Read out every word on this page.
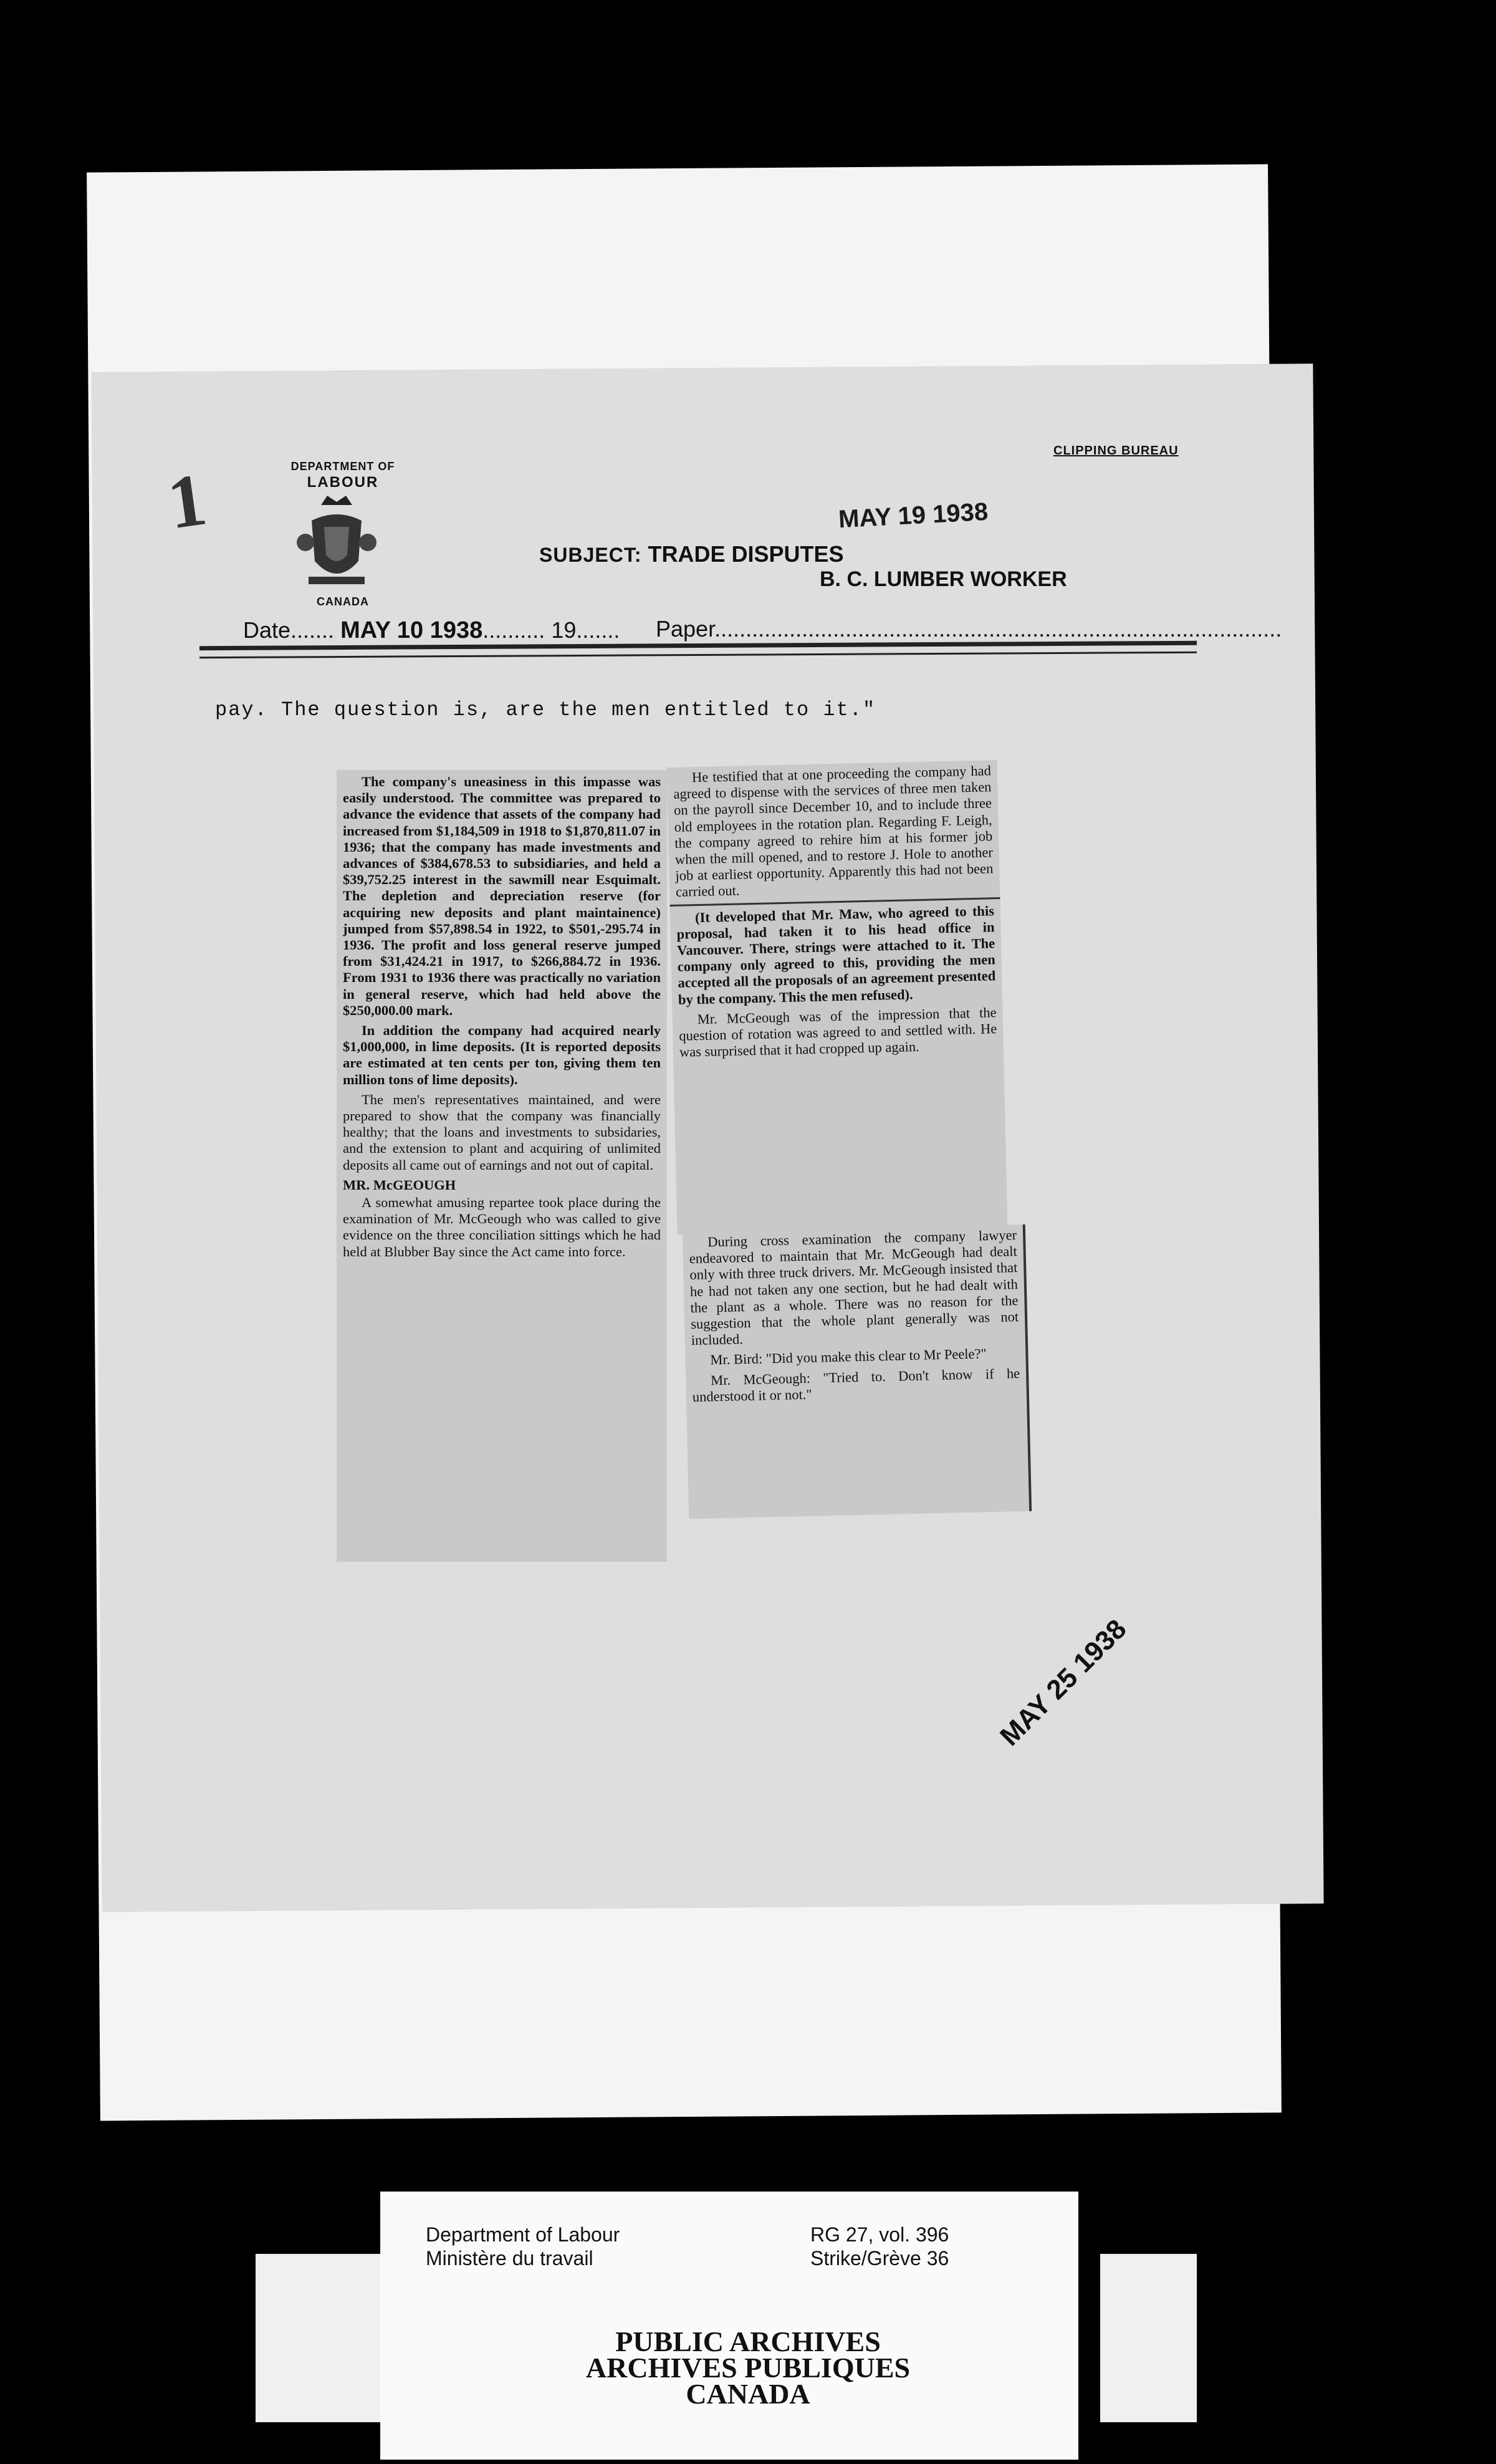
1	DEPARTMENT OF
LABOUR
CANADA
CLIPPING BUREAU
MAY 19 1938
SUBJECT: TRADE DISPUTES
B. C. LUMBER WORKER
Date....... MAY 10 1938.......... 19....... Paper...........................................................................................
pay. The question is, are the men entitled to it."

The company's uneasiness in this impasse was easily understood. The committee was prepared to advance the evidence that assets of the company had increased from $1,184,509 in 1918 to $1,870,811.07 in 1936; that the company has made investments and advances of $384,678.53 to subsidiaries, and held a $39,752.25 interest in the sawmill near Esquimalt. The depletion and depreciation reserve (for acquiring new deposits and plant maintainence) jumped from $57,898.54 in 1922, to $501,-295.74 in 1936. The profit and loss general reserve jumped from $31,424.21 in 1917, to $266,884.72 in 1936. From 1931 to 1936 there was practically no variation in general reserve, which had held above the $250,000.00 mark.

In addition the company had acquired nearly $1,000,000, in lime deposits. (It is reported deposits are estimated at ten cents per ton, giving them ten million tons of lime deposits).

The men's representatives maintained, and were prepared to show that the company was financially healthy; that the loans and investments to subsidaries, and the extension to plant and acquiring of unlimited deposits all came out of earnings and not out of capital.

MR. McGEOUGH

A somewhat amusing repartee took place during the examination of Mr. McGeough who was called to give evidence on the three conciliation sittings which he had held at Blubber Bay since the Act came into force.

He testified that at one proceeding the company had agreed to dispense with the services of three men taken on the payroll since December 10, and to include three old employees in the rotation plan. Regarding F. Leigh, the company agreed to rehire him at his former job when the mill opened, and to restore J. Hole to another job at earliest opportunity. Apparently this had not been carried out.

(It developed that Mr. Maw, who agreed to this proposal, had taken it to his head office in Vancouver. There, strings were attached to it. The company only agreed to this, providing the men accepted all the proposals of an agreement presented by the company. This the men refused).

Mr. McGeough was of the impression that the question of rotation was agreed to and settled with. He was surprised that it had cropped up again.

During cross examination the company lawyer endeavored to maintain that Mr. McGeough had dealt only with three truck drivers. Mr. McGeough insisted that he had not taken any one section, but he had dealt with the plant as a whole. There was no reason for the suggestion that the whole plant generally was not included.

Mr. Bird: "Did you make this clear to Mr Peele?"

Mr. McGeough: "Tried to. Don't know if he understood it or not."

MAY 25 1938
Department of Labour
Ministère du travail
RG 27, vol. 396
Strike/Grève 36
PUBLIC ARCHIVES
ARCHIVES PUBLIQUES
CANADA
